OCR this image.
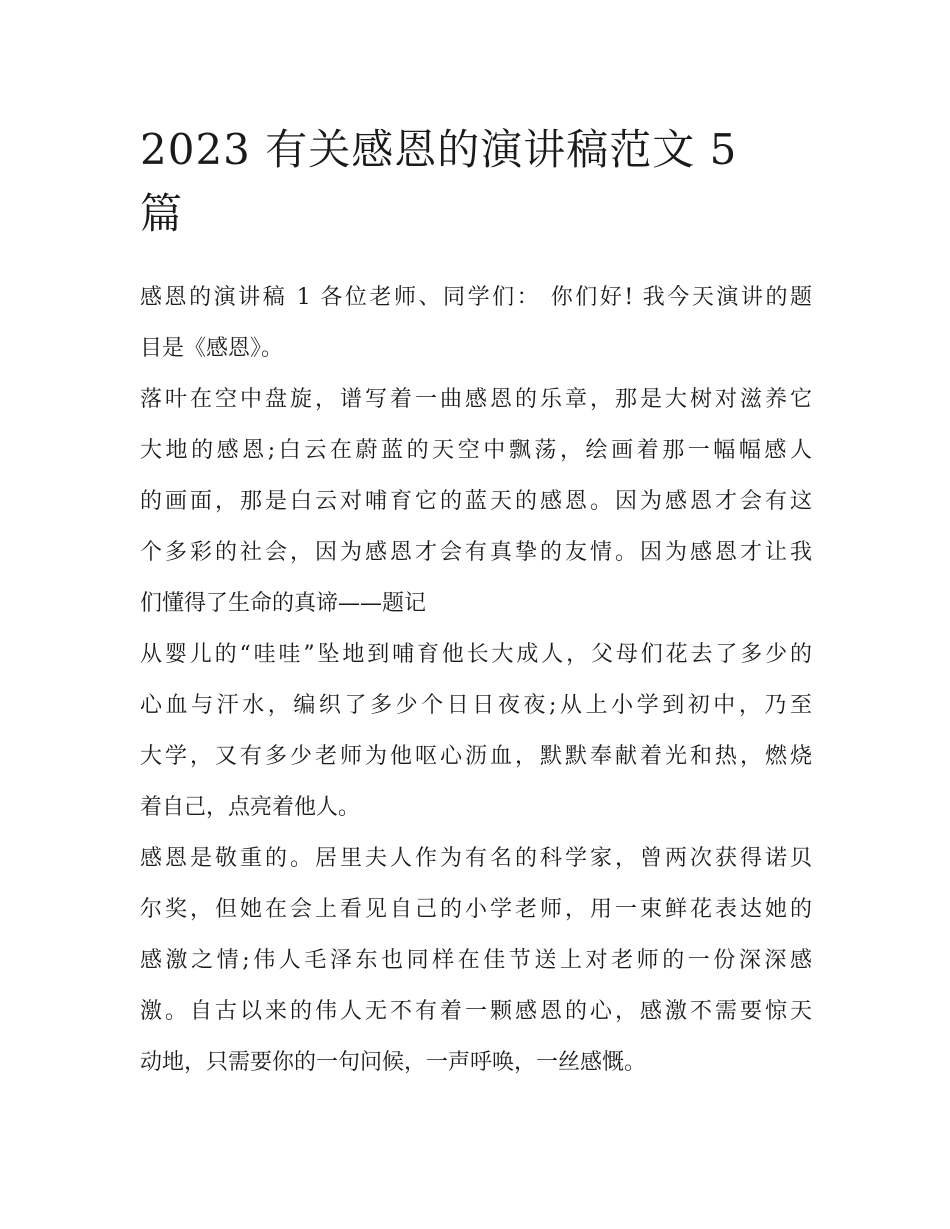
2023 有关感恩的演讲稿范文 5
篇

感恩的演讲稿 1 各位老师、同学们： 你们好! 我今天演讲的题
目是《感恩》。

落叶在空中盘旋，谱写着一曲感恩的乐章，那是大树对滋养它
大地的感恩;白云在蔚蓝的天空中飘荡，绘画着那一幅幅感人
的画面，那是白云对哺育它的蓝天的感恩。因为感恩才会有这
个多彩的社会，因为感恩才会有真挚的友情。因为感恩才让我
们懂得了生命的真谛——题记

从婴儿的“哇哇”坠地到哺育他长大成人，父母们花去了多少的
心血与汗水，编织了多少个日日夜夜;从上小学到初中，乃至
大学，又有多少老师为他呕心沥血，默默奉献着光和热，燃烧
着自己，点亮着他人。

感恩是敬重的。居里夫人作为有名的科学家，曾两次获得诺贝
尔奖，但她在会上看见自己的小学老师，用一束鲜花表达她的
感激之情;伟人毛泽东也同样在佳节送上对老师的一份深深感
激。自古以来的伟人无不有着一颗感恩的心，感激不需要惊天
动地，只需要你的一句问候，一声呼唤，一丝感慨。
